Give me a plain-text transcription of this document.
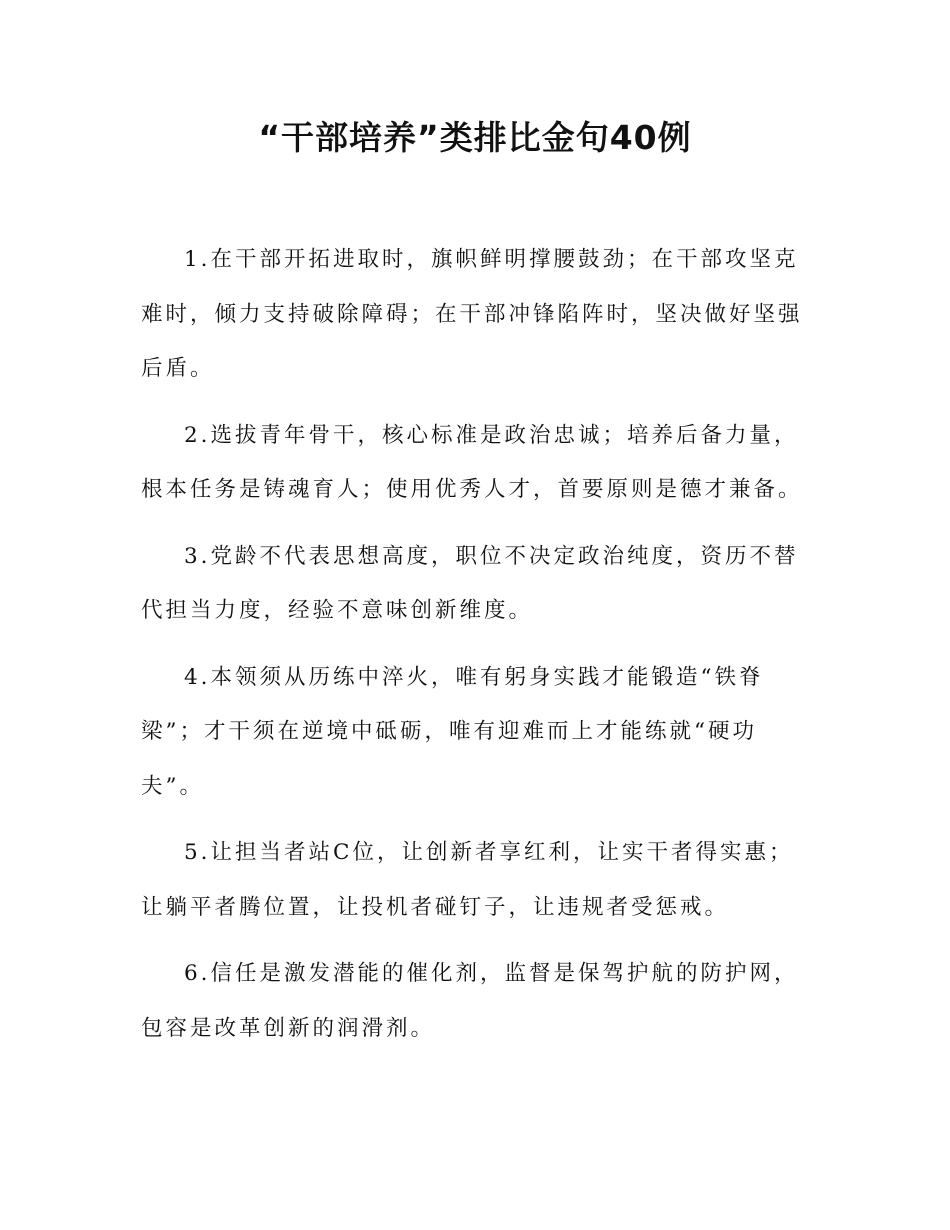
“干部培养”类排比金句40例

1.在干部开拓进取时，旗帜鲜明撑腰鼓劲；在干部攻坚克难时，倾力支持破除障碍；在干部冲锋陷阵时，坚决做好坚强后盾。

2.选拔青年骨干，核心标准是政治忠诚；培养后备力量，根本任务是铸魂育人；使用优秀人才，首要原则是德才兼备。

3.党龄不代表思想高度，职位不决定政治纯度，资历不替代担当力度，经验不意味创新维度。

4.本领须从历练中淬火，唯有躬身实践才能锻造“铁脊梁”；才干须在逆境中砥砺，唯有迎难而上才能练就“硬功夫”。

5.让担当者站C位，让创新者享红利，让实干者得实惠；让躺平者腾位置，让投机者碰钉子，让违规者受惩戒。

6.信任是激发潜能的催化剂，监督是保驾护航的防护网，包容是改革创新的润滑剂。
